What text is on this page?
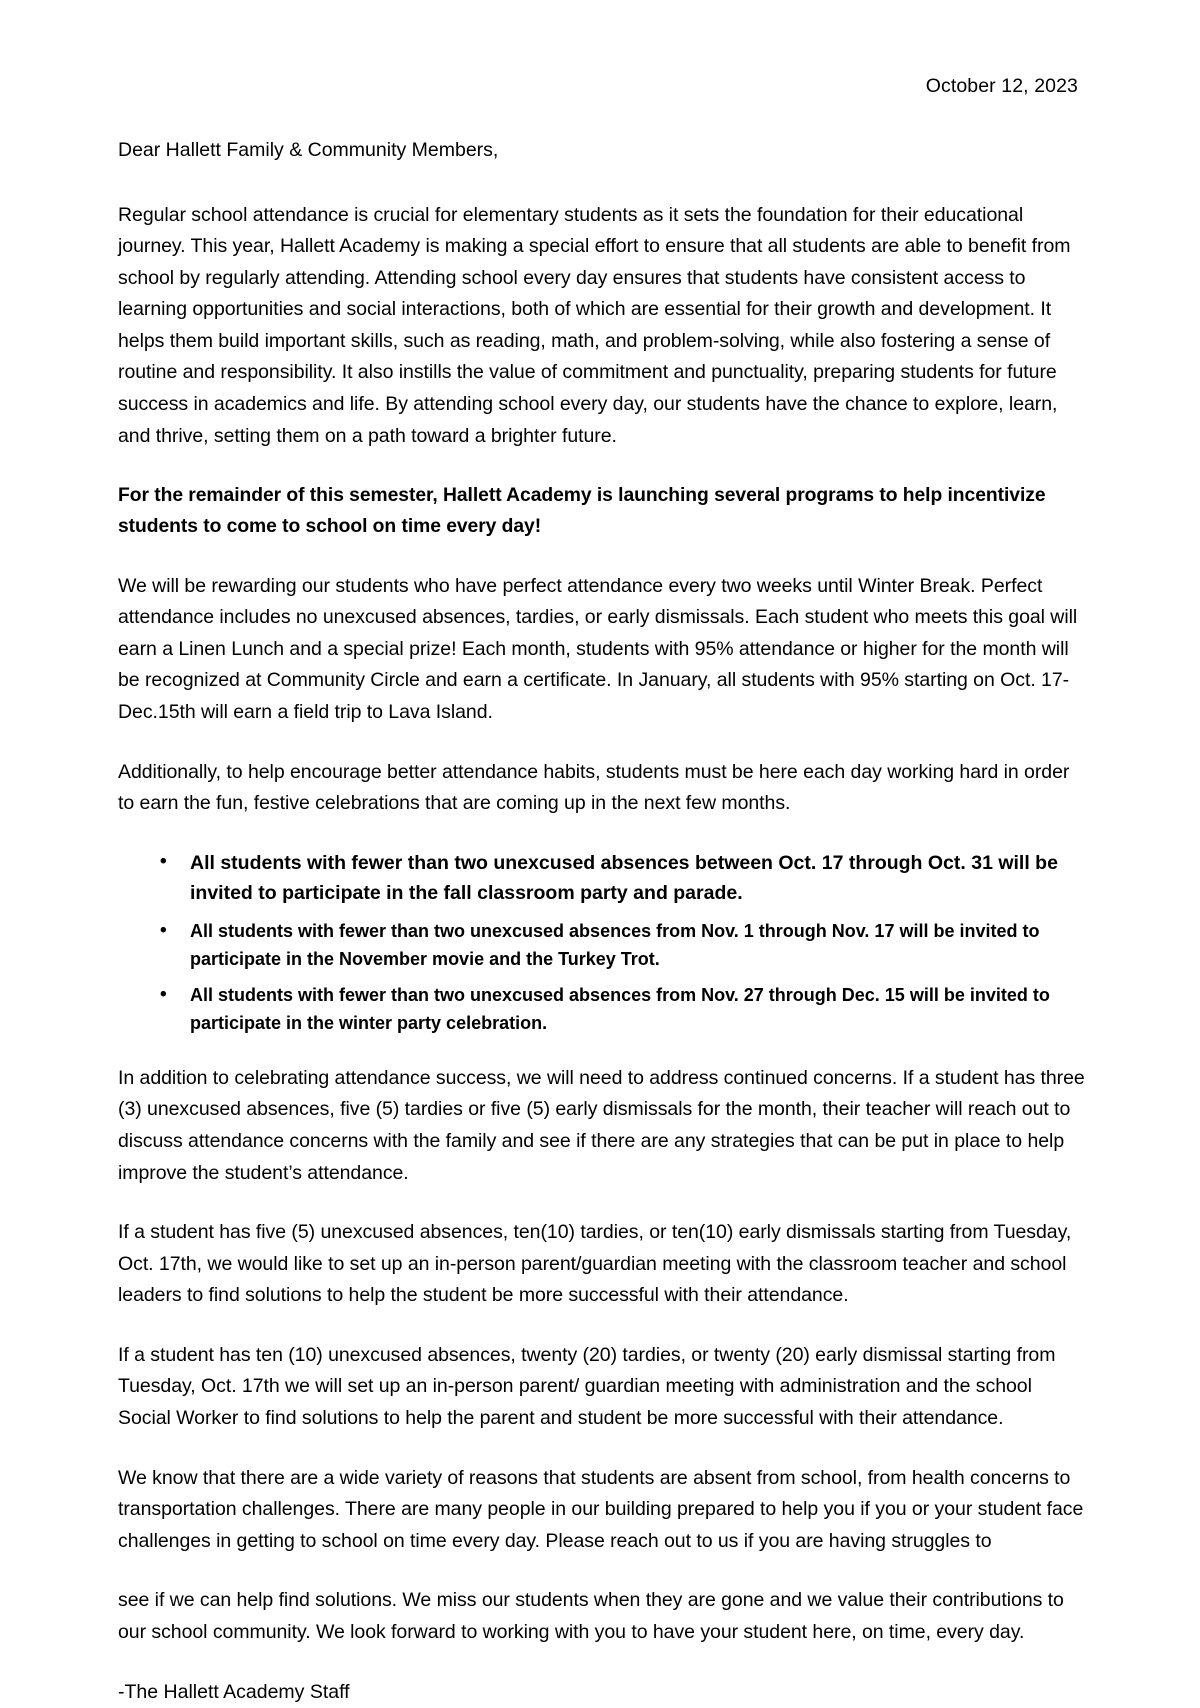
October 12, 2023
Dear Hallett Family & Community Members,

Regular school attendance is crucial for elementary students as it sets the foundation for their educational journey. This year, Hallett Academy is making a special effort to ensure that all students are able to benefit from school by regularly attending. Attending school every day ensures that students have consistent access to learning opportunities and social interactions, both of which are essential for their growth and development. It helps them build important skills, such as reading, math, and problem-solving, while also fostering a sense of routine and responsibility. It also instills the value of commitment and punctuality, preparing students for future success in academics and life. By attending school every day, our students have the chance to explore, learn, and thrive, setting them on a path toward a brighter future.

For the remainder of this semester, Hallett Academy is launching several programs to help incentivize students to come to school on time every day!

We will be rewarding our students who have perfect attendance every two weeks until Winter Break. Perfect attendance includes no unexcused absences, tardies, or early dismissals. Each student who meets this goal will earn a Linen Lunch and a special prize! Each month, students with 95% attendance or higher for the month will be recognized at Community Circle and earn a certificate. In January, all students with 95% starting on Oct. 17-Dec.15th will earn a field trip to Lava Island.

Additionally, to help encourage better attendance habits, students must be here each day working hard in order to earn the fun, festive celebrations that are coming up in the next few months.

• All students with fewer than two unexcused absences between Oct. 17 through Oct. 31 will be invited to participate in the fall classroom party and parade.
• All students with fewer than two unexcused absences from Nov. 1 through Nov. 17 will be invited to participate in the November movie and the Turkey Trot.
• All students with fewer than two unexcused absences from Nov. 27 through Dec. 15 will be invited to participate in the winter party celebration.

In addition to celebrating attendance success, we will need to address continued concerns. If a student has three (3) unexcused absences, five (5) tardies or five (5) early dismissals for the month, their teacher will reach out to discuss attendance concerns with the family and see if there are any strategies that can be put in place to help improve the student’s attendance.

If a student has five (5) unexcused absences, ten(10) tardies, or ten(10) early dismissals starting from Tuesday, Oct. 17th, we would like to set up an in-person parent/guardian meeting with the classroom teacher and school leaders to find solutions to help the student be more successful with their attendance.

If a student has ten (10) unexcused absences, twenty (20) tardies, or twenty (20) early dismissal starting from Tuesday, Oct. 17th we will set up an in-person parent/ guardian meeting with administration and the school Social Worker to find solutions to help the parent and student be more successful with their attendance.

We know that there are a wide variety of reasons that students are absent from school, from health concerns to transportation challenges. There are many people in our building prepared to help you if you or your student face challenges in getting to school on time every day. Please reach out to us if you are having struggles to

see if we can help find solutions. We miss our students when they are gone and we value their contributions to our school community. We look forward to working with you to have your student here, on time, every day.

-The Hallett Academy Staff
